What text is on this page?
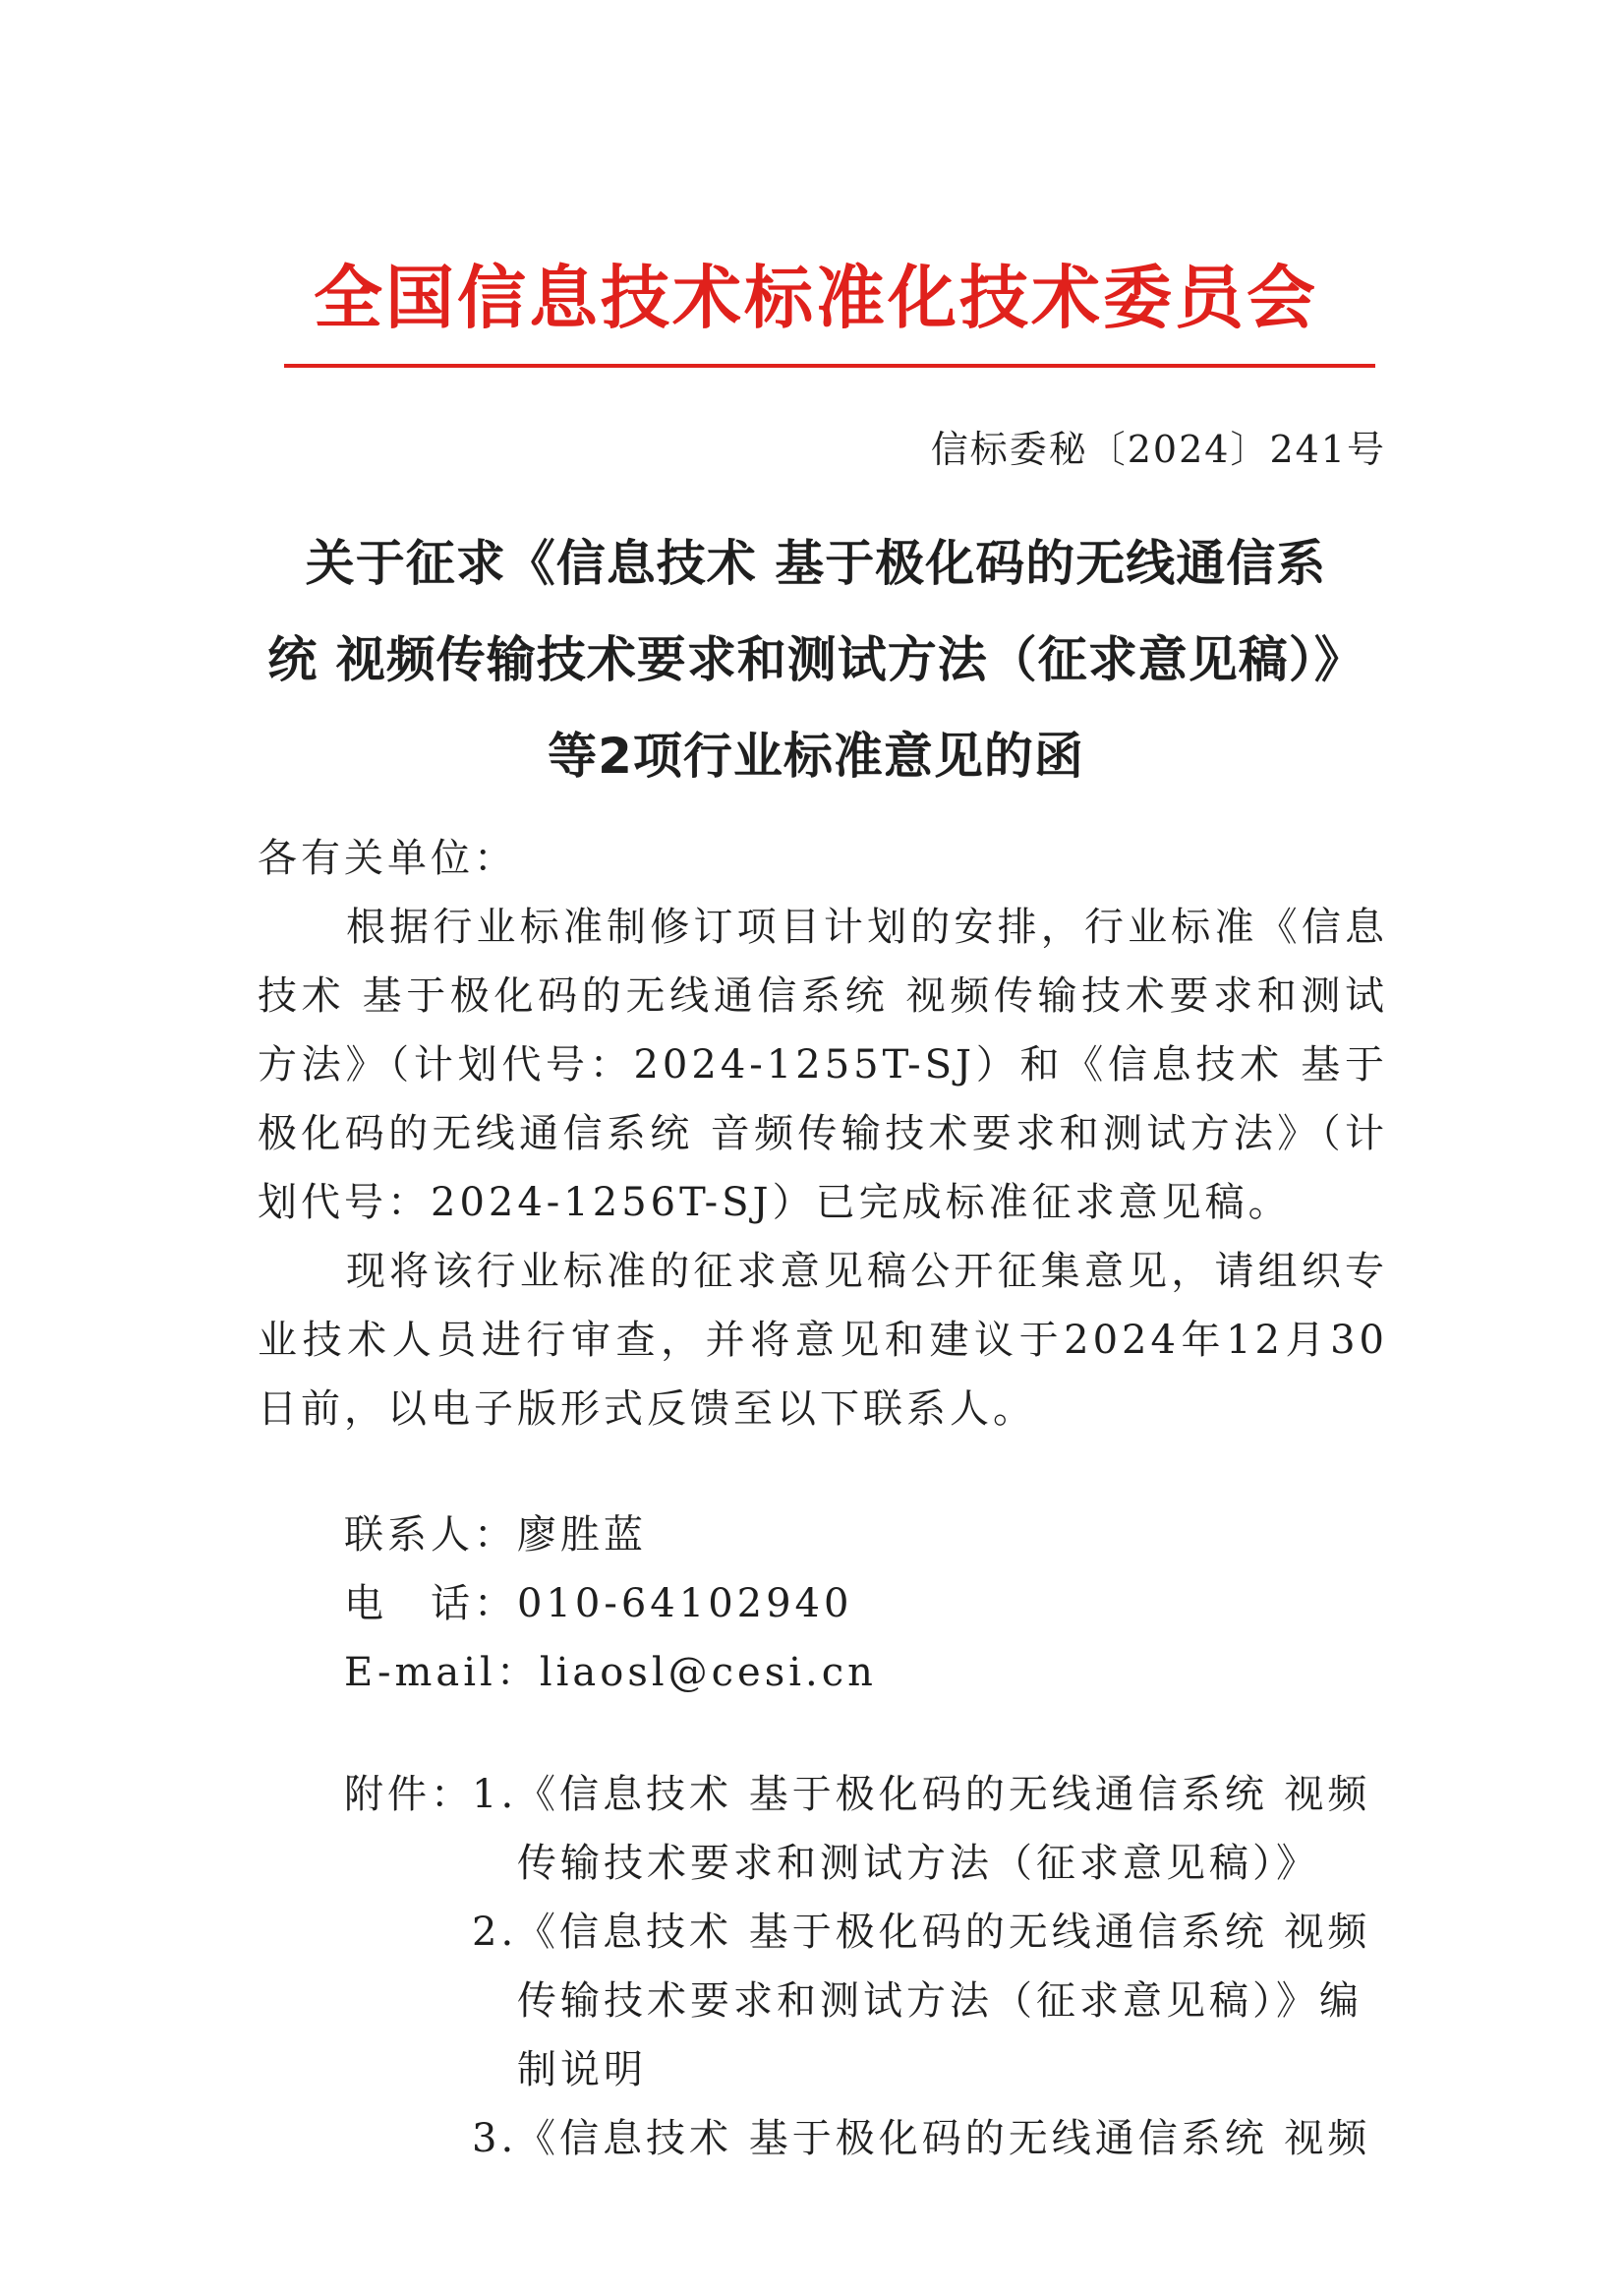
全国信息技术标准化技术委员会
信标委秘〔2024〕241号
关于征求《信息技术 基于极化码的无线通信系
统 视频传输技术要求和测试方法（征求意见稿）》
等2项行业标准意见的函
各有关单位：
根据行业标准制修订项目计划的安排，行业标准《信息技术 基于极化码的无线通信系统 视频传输技术要求和测试方法》（计划代号：2024-1255T-SJ）和《信息技术 基于极化码的无线通信系统 音频传输技术要求和测试方法》（计划代号：2024-1256T-SJ）已完成标准征求意见稿。
现将该行业标准的征求意见稿公开征集意见，请组织专业技术人员进行审查，并将意见和建议于2024年12月30日前，以电子版形式反馈至以下联系人。
联系人：廖胜蓝
电　话：010-64102940
E-mail：liaosl@cesi.cn
附件：
1.
《信息技术 基于极化码的无线通信系统 视频传输技术要求和测试方法（征求意见稿）》
2.
《信息技术 基于极化码的无线通信系统 视频传输技术要求和测试方法（征求意见稿）》编制说明
3.
《信息技术 基于极化码的无线通信系统 视频
